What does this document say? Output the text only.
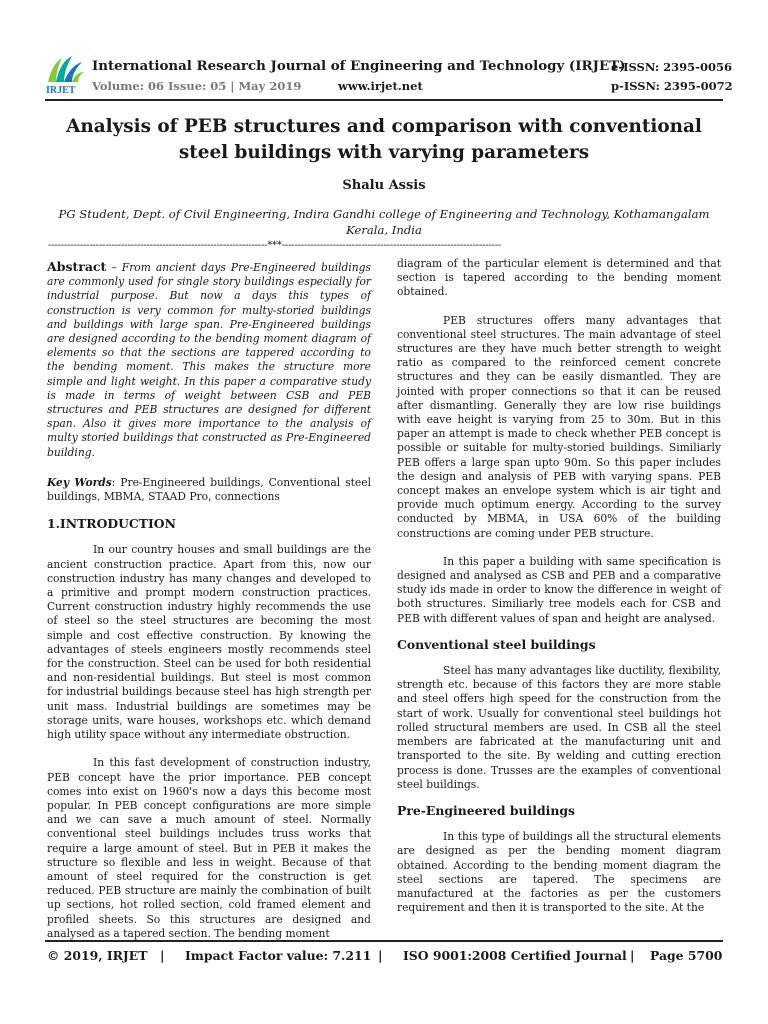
IRJET
International Research Journal of Engineering and Technology (IRJET)
e-ISSN: 2395-0056
Volume: 06 Issue: 05 | May 2019	www.irjet.net	p-ISSN: 2395-0072
Analysis of PEB structures and comparison with conventional steel buildings with varying parameters
Shalu Assis
PG Student, Dept. of Civil Engineering, Indira Gandhi college of Engineering and Technology, Kothamangalam Kerala, India
---------------------------------------------------------------------***---------------------------------------------------------------------

Abstract – From ancient days Pre-Engineered buildings are commonly used for single story buildings especially for industrial purpose. But now a days this types of construction is very common for multy-storied buildings and buildings with large span. Pre-Engineered buildings are designed according to the bending moment diagram of elements so that the sections are tappered according to the bending moment. This makes the structure more simple and light weight. In this paper a comparative study is made in terms of weight between CSB and PEB structures and PEB structures are designed for different span. Also it gives more importance to the analysis of multy storied buildings that constructed as Pre-Engineered building.

Key Words: Pre-Engineered buildings, Conventional steel buildings, MBMA, STAAD Pro, connections

1.INTRODUCTION

In our country houses and small buildings are the ancient construction practice. Apart from this, now our construction industry has many changes and developed to a primitive and prompt modern construction practices. Current construction industry highly recommends the use of steel so the steel structures are becoming the most simple and cost effective construction. By knowing the advantages of steels engineers mostly recommends steel for the construction. Steel can be used for both residential and non-residential buildings. But steel is most common for industrial buildings because steel has high strength per unit mass. Industrial buildings are sometimes may be storage units, ware houses, workshops etc. which demand high utility space without any intermediate obstruction.

In this fast development of construction industry, PEB concept have the prior importance. PEB concept comes into exist on 1960's now a days this become most popular. In PEB concept configurations are more simple and we can save a much amount of steel. Normally conventional steel buildings includes truss works that require a large amount of steel. But in PEB it makes the structure so flexible and less in weight. Because of that amount of steel required for the construction is get reduced. PEB structure are mainly the combination of built up sections, hot rolled section, cold framed element and profiled sheets. So this structures are designed and analysed as a tapered section. The bending moment

diagram of the particular element is determined and that section is tapered according to the bending moment obtained.

PEB structures offers many advantages that conventional steel structures. The main advantage of steel structures are they have much better strength to weight ratio as compared to the reinforced cement concrete structures and they can be easily dismantled. They are jointed with proper connections so that it can be reused after dismantling. Generally they are low rise buildings with eave height is varying from 25 to 30m. But in this paper an attempt is made to check whether PEB concept is possible or suitable for multy-storied buildings. Similiarly PEB offers a large span upto 90m. So this paper includes the design and analysis of PEB with varying spans. PEB concept makes an envelope system which is air tight and provide much optimum energy. According to the survey conducted by MBMA, in USA 60% of the building constructions are coming under PEB structure.

In this paper a building with same specification is designed and analysed as CSB and PEB and a comparative study ids made in order to know the difference in weight of both structures. Similiarly tree models each for CSB and PEB with different values of span and height are analysed.

Conventional steel buildings

Steel has many advantages like ductility, flexibility, strength etc. because of this factors they are more stable and steel offers high speed for the construction from the start of work. Usually for conventional steel buildings hot rolled structural members are used. In CSB all the steel members are fabricated at the manufacturing unit and transported to the site. By welding and cutting erection process is done. Trusses are the examples of conventional steel buildings.

Pre-Engineered buildings

In this type of buildings all the structural elements are designed as per the bending moment diagram obtained. According to the bending moment diagram the steel sections are tapered. The specimens are manufactured at the factories as per the customers requirement and then it is transported to the site. At the

© 2019, IRJET | Impact Factor value: 7.211 | ISO 9001:2008 Certified Journal | Page 5700
